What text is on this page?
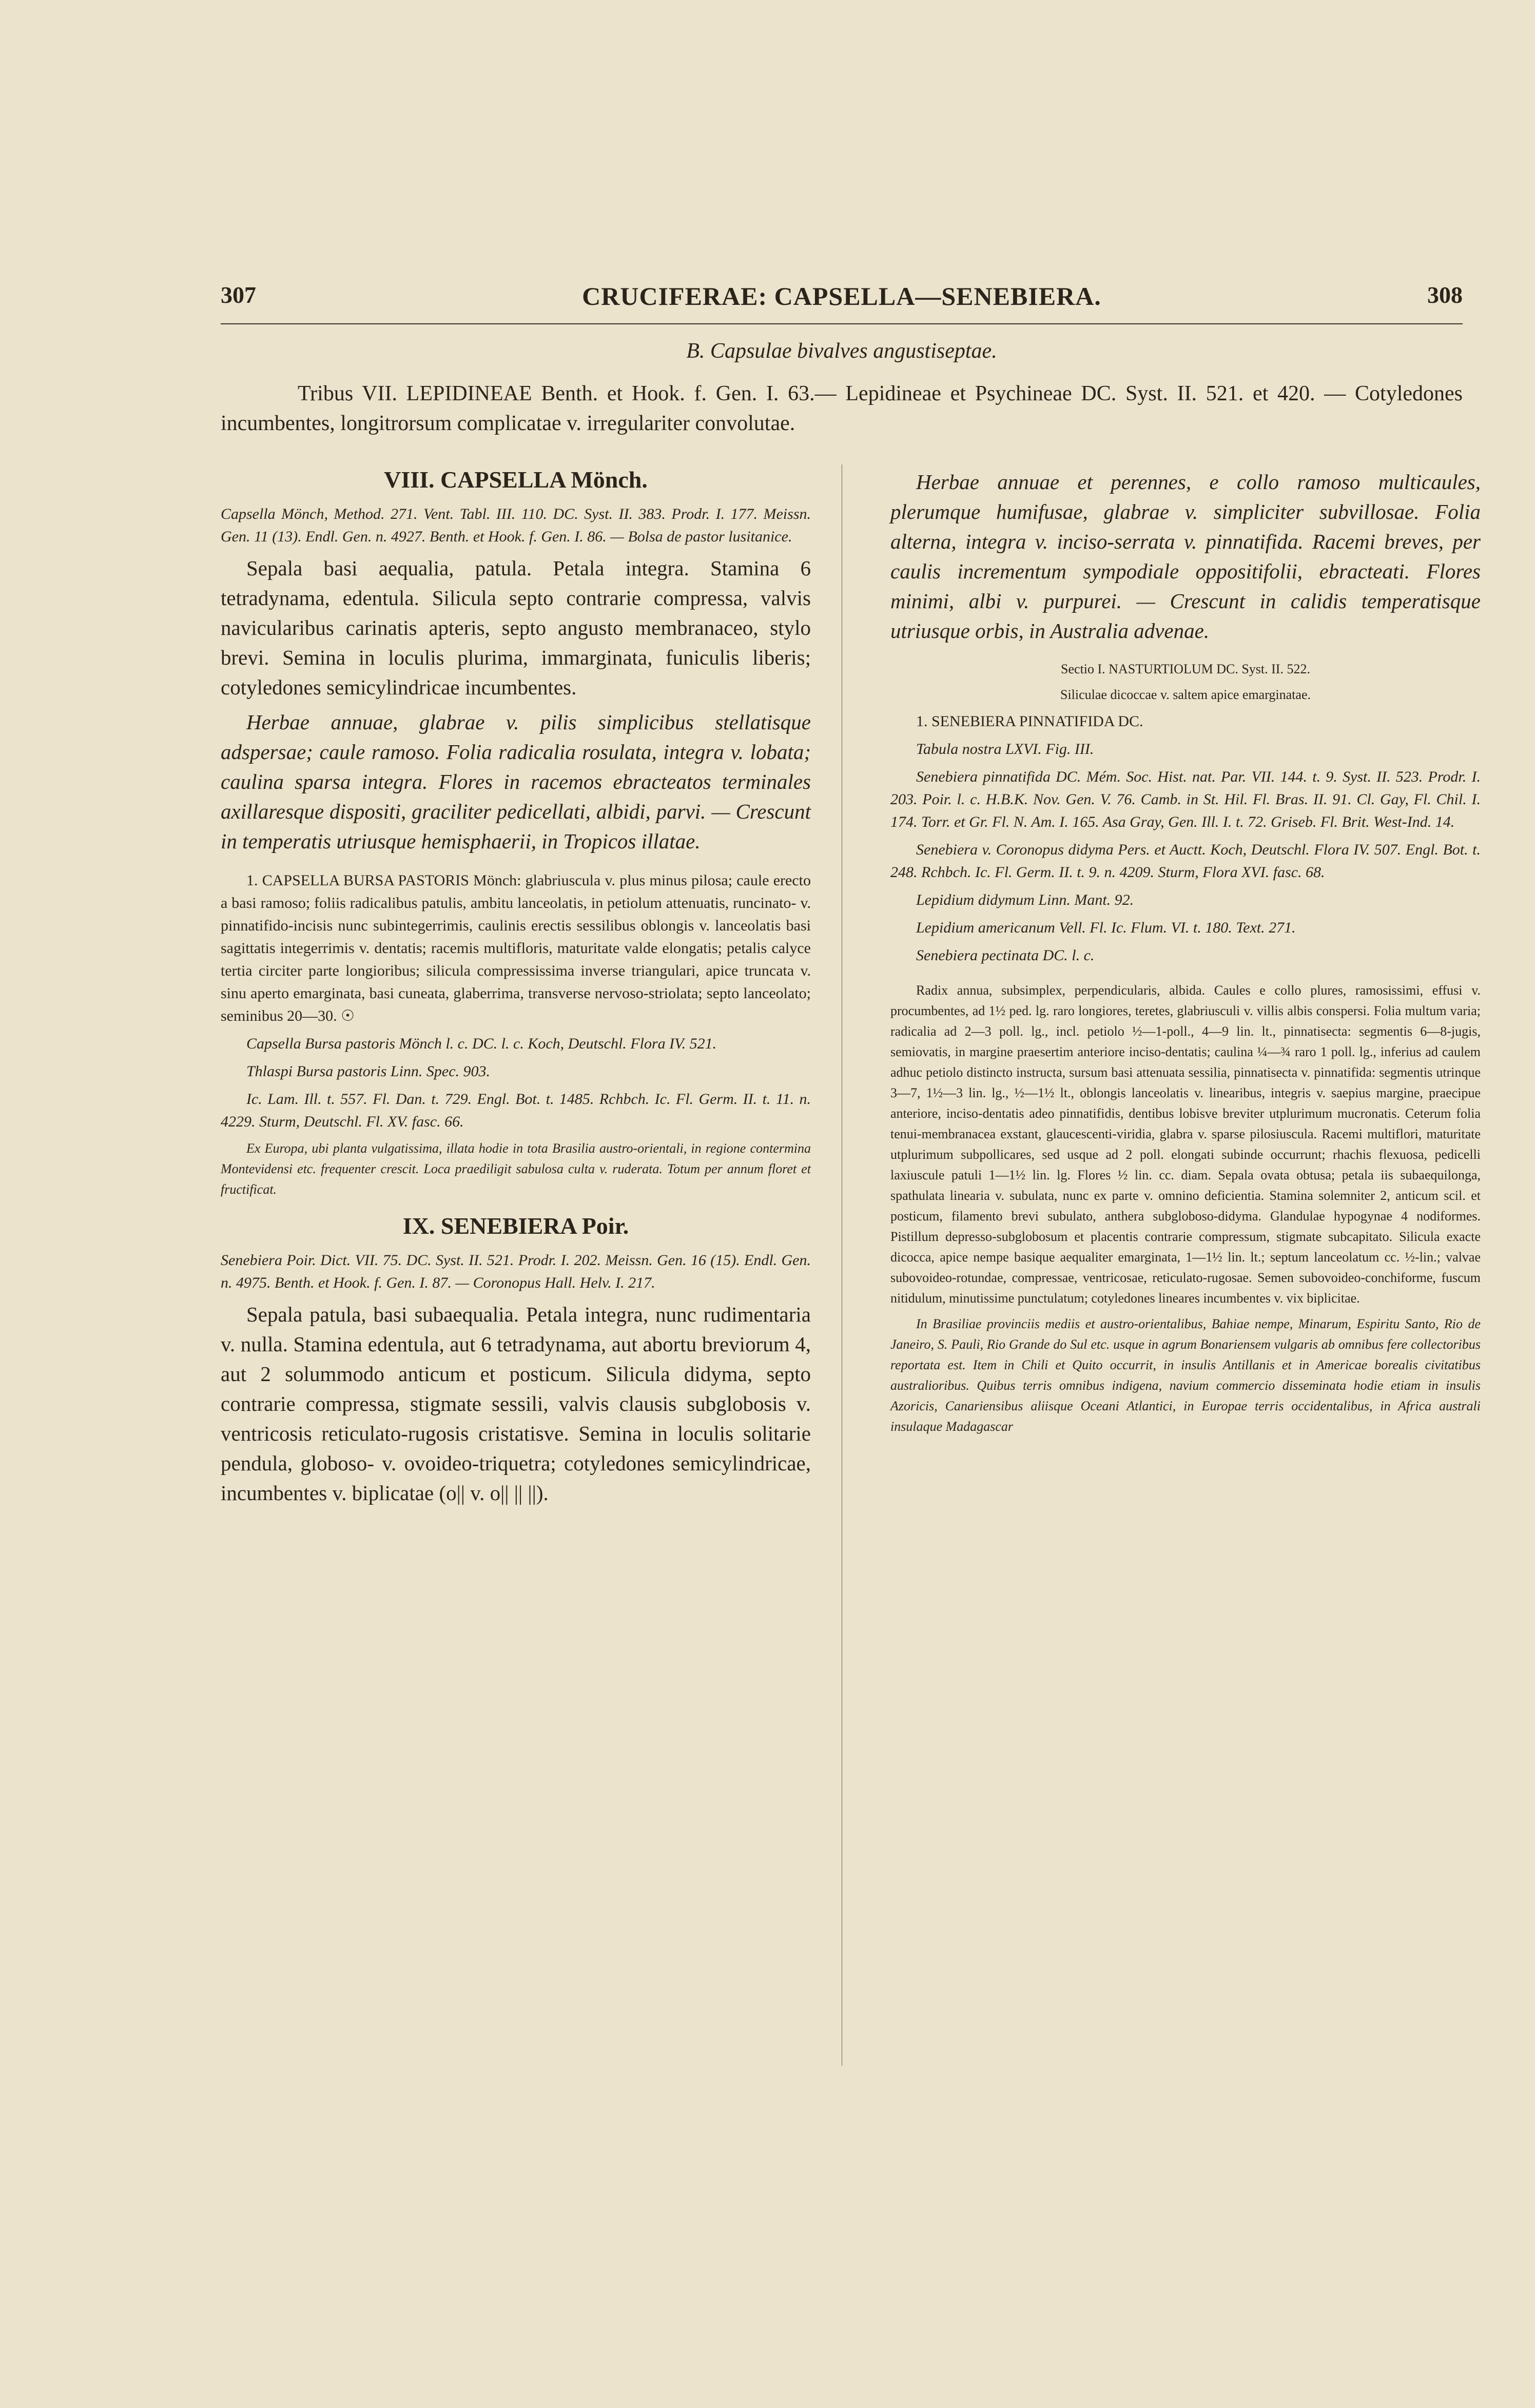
307	CRUCIFERAE: CAPSELLA—SENEBIERA.	308
B. Capsulae bivalves angustiseptae.
Tribus VII. LEPIDINEAE Benth. et Hook. f. Gen. I. 63.— Lepidineae et Psychineae DC. Syst. II. 521. et 420. — Cotyledones incumbentes, longitrorsum complicatae v. irregulariter convolutae.
VIII. CAPSELLA Mönch.

Capsella Mönch, Method. 271. Vent. Tabl. III. 110. DC. Syst. II. 383. Prodr. I. 177. Meissn. Gen. 11 (13). Endl. Gen. n. 4927. Benth. et Hook. f. Gen. I. 86. — Bolsa de pastor lusitanice.

Sepala basi aequalia, patula. Petala integra. Stamina 6 tetradynama, edentula. Silicula septo contrarie compressa, valvis navicularibus carinatis apteris, septo angusto membranaceo, stylo brevi. Semina in loculis plurima, immarginata, funiculis liberis; cotyledones semicylindricae incumbentes.

Herbae annuae, glabrae v. pilis simplicibus stellatisque adspersae; caule ramoso. Folia radicalia rosulata, integra v. lobata; caulina sparsa integra. Flores in racemos ebracteatos terminales axillaresque dispositi, graciliter pedicellati, albidi, parvi. — Crescunt in temperatis utriusque hemisphaerii, in Tropicos illatae.

1. CAPSELLA BURSA PASTORIS Mönch: glabriuscula v. plus minus pilosa; caule erecto a basi ramoso; foliis radicalibus patulis, ambitu lanceolatis, in petiolum attenuatis, runcinato- v. pinnatifido-incisis nunc subintegerrimis, caulinis erectis sessilibus oblongis v. lanceolatis basi sagittatis integerrimis v. dentatis; racemis multifloris, maturitate valde elongatis; petalis calyce tertia circiter parte longioribus; silicula compressissima inverse triangulari, apice truncata v. sinu aperto emarginata, basi cuneata, glaberrima, transverse nervoso-striolata; septo lanceolato; seminibus 20—30. ☉

Capsella Bursa pastoris Mönch l. c. DC. l. c. Koch, Deutschl. Flora IV. 521.

Thlaspi Bursa pastoris Linn. Spec. 903.

Ic. Lam. Ill. t. 557. Fl. Dan. t. 729. Engl. Bot. t. 1485. Rchbch. Ic. Fl. Germ. II. t. 11. n. 4229. Sturm, Deutschl. Fl. XV. fasc. 66.

Ex Europa, ubi planta vulgatissima, illata hodie in tota Brasilia austro-orientali, in regione contermina Montevidensi etc. frequenter crescit. Loca praediligit sabulosa culta v. ruderata. Totum per annum floret et fructificat.

IX. SENEBIERA Poir.

Senebiera Poir. Dict. VII. 75. DC. Syst. II. 521. Prodr. I. 202. Meissn. Gen. 16 (15). Endl. Gen. n. 4975. Benth. et Hook. f. Gen. I. 87. — Coronopus Hall. Helv. I. 217.

Sepala patula, basi subaequalia. Petala integra, nunc rudimentaria v. nulla. Stamina edentula, aut 6 tetradynama, aut abortu breviorum 4, aut 2 solummodo anticum et posticum. Silicula didyma, septo contrarie compressa, stigmate sessili, valvis clausis subglobosis v. ventricosis reticulato-rugosis cristatisve. Semina in loculis solitarie pendula, globoso- v. ovoideo-triquetra; cotyledones semicylindricae, incumbentes v. biplicatae (o|| v. o|| || ||).

Herbae annuae et perennes, e collo ramoso multicaules, plerumque humifusae, glabrae v. simpliciter subvillosae. Folia alterna, integra v. inciso-serrata v. pinnatifida. Racemi breves, per caulis incrementum sympodiale oppositifolii, ebracteati. Flores minimi, albi v. purpurei. — Crescunt in calidis temperatisque utriusque orbis, in Australia advenae.

Sectio I. NASTURTIOLUM DC. Syst. II. 522.

Siliculae dicoccae v. saltem apice emarginatae.

1. SENEBIERA PINNATIFIDA DC.

Tabula nostra LXVI. Fig. III.

Senebiera pinnatifida DC. Mém. Soc. Hist. nat. Par. VII. 144. t. 9. Syst. II. 523. Prodr. I. 203. Poir. l. c. H.B.K. Nov. Gen. V. 76. Camb. in St. Hil. Fl. Bras. II. 91. Cl. Gay, Fl. Chil. I. 174. Torr. et Gr. Fl. N. Am. I. 165. Asa Gray, Gen. Ill. I. t. 72. Griseb. Fl. Brit. West-Ind. 14.

Senebiera v. Coronopus didyma Pers. et Auctt. Koch, Deutschl. Flora IV. 507. Engl. Bot. t. 248. Rchbch. Ic. Fl. Germ. II. t. 9. n. 4209. Sturm, Flora XVI. fasc. 68.

Lepidium didymum Linn. Mant. 92.

Lepidium americanum Vell. Fl. Ic. Flum. VI. t. 180. Text. 271.

Senebiera pectinata DC. l. c.

Radix annua, subsimplex, perpendicularis, albida. Caules e collo plures, ramosissimi, effusi v. procumbentes, ad 1½ ped. lg. raro longiores, teretes, glabriusculi v. villis albis conspersi. Folia multum varia; radicalia ad 2—3 poll. lg., incl. petiolo ½—1-poll., 4—9 lin. lt., pinnatisecta: segmentis 6—8-jugis, semiovatis, in margine praesertim anteriore inciso-dentatis; caulina ¼—¾ raro 1 poll. lg., inferius ad caulem adhuc petiolo distincto instructa, sursum basi attenuata sessilia, pinnatisecta v. pinnatifida: segmentis utrinque 3—7, 1½—3 lin. lg., ½—1½ lt., oblongis lanceolatis v. linearibus, integris v. saepius margine, praecipue anteriore, inciso-dentatis adeo pinnatifidis, dentibus lobisve breviter utplurimum mucronatis. Ceterum folia tenui-membranacea exstant, glaucescenti-viridia, glabra v. sparse pilosiuscula. Racemi multiflori, maturitate utplurimum subpollicares, sed usque ad 2 poll. elongati subinde occurrunt; rhachis flexuosa, pedicelli laxiuscule patuli 1—1½ lin. lg. Flores ½ lin. cc. diam. Sepala ovata obtusa; petala iis subaequilonga, spathulata linearia v. subulata, nunc ex parte v. omnino deficientia. Stamina solemniter 2, anticum scil. et posticum, filamento brevi subulato, anthera subgloboso-didyma. Glandulae hypogynae 4 nodiformes. Pistillum depresso-subglobosum et placentis contrarie compressum, stigmate subcapitato. Silicula exacte dicocca, apice nempe basique aequaliter emarginata, 1—1½ lin. lt.; septum lanceolatum cc. ½-lin.; valvae subovoideo-rotundae, compressae, ventricosae, reticulato-rugosae. Semen subovoideo-conchiforme, fuscum nitidulum, minutissime punctulatum; cotyledones lineares incumbentes v. vix biplicitae.

In Brasiliae provinciis mediis et austro-orientalibus, Bahiae nempe, Minarum, Espiritu Santo, Rio de Janeiro, S. Pauli, Rio Grande do Sul etc. usque in agrum Bonariensem vulgaris ab omnibus fere collectoribus reportata est. Item in Chili et Quito occurrit, in insulis Antillanis et in Americae borealis civitatibus australioribus. Quibus terris omnibus indigena, navium commercio disseminata hodie etiam in insulis Azoricis, Canariensibus aliisque Oceani Atlantici, in Europae terris occidentalibus, in Africa australi insulaque Madagascar
